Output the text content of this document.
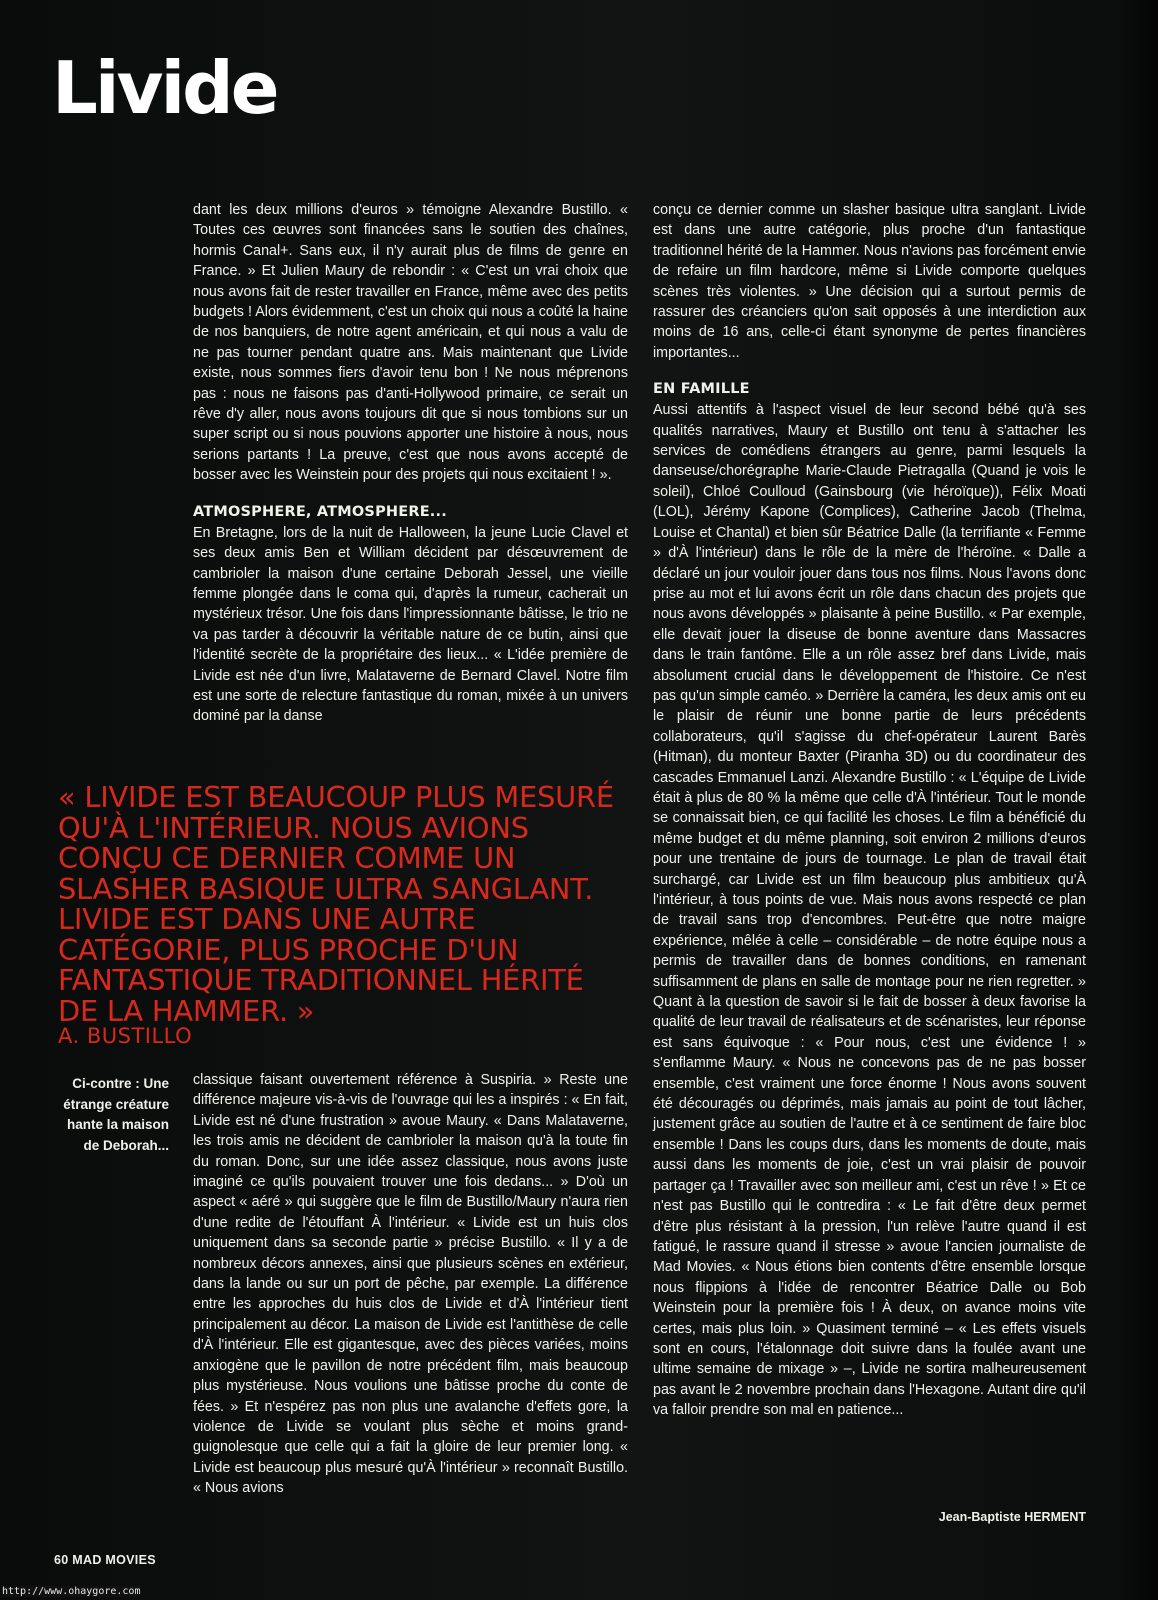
Livide

dant les deux millions d'euros » témoigne Alexandre Bustillo. « Toutes ces œuvres sont financées sans le soutien des chaînes, hormis Canal+. Sans eux, il n'y aurait plus de films de genre en France. » Et Julien Maury de rebondir : « C'est un vrai choix que nous avons fait de rester travailler en France, même avec des petits budgets ! Alors évidemment, c'est un choix qui nous a coûté la haine de nos banquiers, de notre agent américain, et qui nous a valu de ne pas tourner pendant quatre ans. Mais maintenant que Livide existe, nous sommes fiers d'avoir tenu bon ! Ne nous méprenons pas : nous ne faisons pas d'anti-Hollywood primaire, ce serait un rêve d'y aller, nous avons toujours dit que si nous tombions sur un super script ou si nous pouvions apporter une histoire à nous, nous serions partants ! La preuve, c'est que nous avons accepté de bosser avec les Weinstein pour des projets qui nous excitaient ! ».

ATMOSPHERE, ATMOSPHERE...

En Bretagne, lors de la nuit de Halloween, la jeune Lucie Clavel et ses deux amis Ben et William décident par désœuvrement de cambrioler la maison d'une certaine Deborah Jessel, une vieille femme plongée dans le coma qui, d'après la rumeur, cacherait un mystérieux trésor. Une fois dans l'impressionnante bâtisse, le trio ne va pas tarder à découvrir la véritable nature de ce butin, ainsi que l'identité secrète de la propriétaire des lieux... « L'idée première de Livide est née d'un livre, Malataverne de Bernard Clavel. Notre film est une sorte de relecture fantastique du roman, mixée à un univers dominé par la danse

« LIVIDE EST BEAUCOUP PLUS MESURÉ QU'À L'INTÉRIEUR. NOUS AVIONS CONÇU CE DERNIER COMME UN SLASHER BASIQUE ULTRA SANGLANT. LIVIDE EST DANS UNE AUTRE CATÉGORIE, PLUS PROCHE D'UN FANTASTIQUE TRADITIONNEL HÉRITÉ DE LA HAMMER. »

A. BUSTILLO

Ci-contre : Une étrange créature hante la maison de Deborah...

classique faisant ouvertement référence à Suspiria. » Reste une différence majeure vis-à-vis de l'ouvrage qui les a inspirés : « En fait, Livide est né d'une frustration » avoue Maury. « Dans Malataverne, les trois amis ne décident de cambrioler la maison qu'à la toute fin du roman. Donc, sur une idée assez classique, nous avons juste imaginé ce qu'ils pouvaient trouver une fois dedans... » D'où un aspect « aéré » qui suggère que le film de Bustillo/Maury n'aura rien d'une redite de l'étouffant À l'intérieur. « Livide est un huis clos uniquement dans sa seconde partie » précise Bustillo. « Il y a de nombreux décors annexes, ainsi que plusieurs scènes en extérieur, dans la lande ou sur un port de pêche, par exemple. La différence entre les approches du huis clos de Livide et d'À l'intérieur tient principalement au décor. La maison de Livide est l'antithèse de celle d'À l'intérieur. Elle est gigantesque, avec des pièces variées, moins anxiogène que le pavillon de notre précédent film, mais beaucoup plus mystérieuse. Nous voulions une bâtisse proche du conte de fées. » Et n'espérez pas non plus une avalanche d'effets gore, la violence de Livide se voulant plus sèche et moins grand-guignolesque que celle qui a fait la gloire de leur premier long. « Livide est beaucoup plus mesuré qu'À l'intérieur » reconnaît Bustillo. « Nous avions

conçu ce dernier comme un slasher basique ultra sanglant. Livide est dans une autre catégorie, plus proche d'un fantastique traditionnel hérité de la Hammer. Nous n'avions pas forcément envie de refaire un film hardcore, même si Livide comporte quelques scènes très violentes. » Une décision qui a surtout permis de rassurer des créanciers qu'on sait opposés à une interdiction aux moins de 16 ans, celle-ci étant synonyme de pertes financières importantes...

EN FAMILLE

Aussi attentifs à l'aspect visuel de leur second bébé qu'à ses qualités narratives, Maury et Bustillo ont tenu à s'attacher les services de comédiens étrangers au genre, parmi lesquels la danseuse/chorégraphe Marie-Claude Pietragalla (Quand je vois le soleil), Chloé Coulloud (Gainsbourg (vie héroïque)), Félix Moati (LOL), Jérémy Kapone (Complices), Catherine Jacob (Thelma, Louise et Chantal) et bien sûr Béatrice Dalle (la terrifiante « Femme » d'À l'intérieur) dans le rôle de la mère de l'héroïne. « Dalle a déclaré un jour vouloir jouer dans tous nos films. Nous l'avons donc prise au mot et lui avons écrit un rôle dans chacun des projets que nous avons développés » plaisante à peine Bustillo. « Par exemple, elle devait jouer la diseuse de bonne aventure dans Massacres dans le train fantôme. Elle a un rôle assez bref dans Livide, mais absolument crucial dans le développement de l'histoire. Ce n'est pas qu'un simple caméo. » Derrière la caméra, les deux amis ont eu le plaisir de réunir une bonne partie de leurs précédents collaborateurs, qu'il s'agisse du chef-opérateur Laurent Barès (Hitman), du monteur Baxter (Piranha 3D) ou du coordinateur des cascades Emmanuel Lanzi. Alexandre Bustillo : « L'équipe de Livide était à plus de 80 % la même que celle d'À l'intérieur. Tout le monde se connaissait bien, ce qui facilité les choses. Le film a bénéficié du même budget et du même planning, soit environ 2 millions d'euros pour une trentaine de jours de tournage. Le plan de travail était surchargé, car Livide est un film beaucoup plus ambitieux qu'À l'intérieur, à tous points de vue. Mais nous avons respecté ce plan de travail sans trop d'encombres. Peut-être que notre maigre expérience, mêlée à celle – considérable – de notre équipe nous a permis de travailler dans de bonnes conditions, en ramenant suffisamment de plans en salle de montage pour ne rien regretter. » Quant à la question de savoir si le fait de bosser à deux favorise la qualité de leur travail de réalisateurs et de scénaristes, leur réponse est sans équivoque : « Pour nous, c'est une évidence ! » s'enflamme Maury. « Nous ne concevons pas de ne pas bosser ensemble, c'est vraiment une force énorme ! Nous avons souvent été découragés ou déprimés, mais jamais au point de tout lâcher, justement grâce au soutien de l'autre et à ce sentiment de faire bloc ensemble ! Dans les coups durs, dans les moments de doute, mais aussi dans les moments de joie, c'est un vrai plaisir de pouvoir partager ça ! Travailler avec son meilleur ami, c'est un rêve ! » Et ce n'est pas Bustillo qui le contredira : « Le fait d'être deux permet d'être plus résistant à la pression, l'un relève l'autre quand il est fatigué, le rassure quand il stresse » avoue l'ancien journaliste de Mad Movies. « Nous étions bien contents d'être ensemble lorsque nous flippions à l'idée de rencontrer Béatrice Dalle ou Bob Weinstein pour la première fois ! À deux, on avance moins vite certes, mais plus loin. » Quasiment terminé – « Les effets visuels sont en cours, l'étalonnage doit suivre dans la foulée avant une ultime semaine de mixage » –, Livide ne sortira malheureusement pas avant le 2 novembre prochain dans l'Hexagone. Autant dire qu'il va falloir prendre son mal en patience...

Jean-Baptiste HERMENT
60 MAD MOVIES
http://www.ohaygore.com
